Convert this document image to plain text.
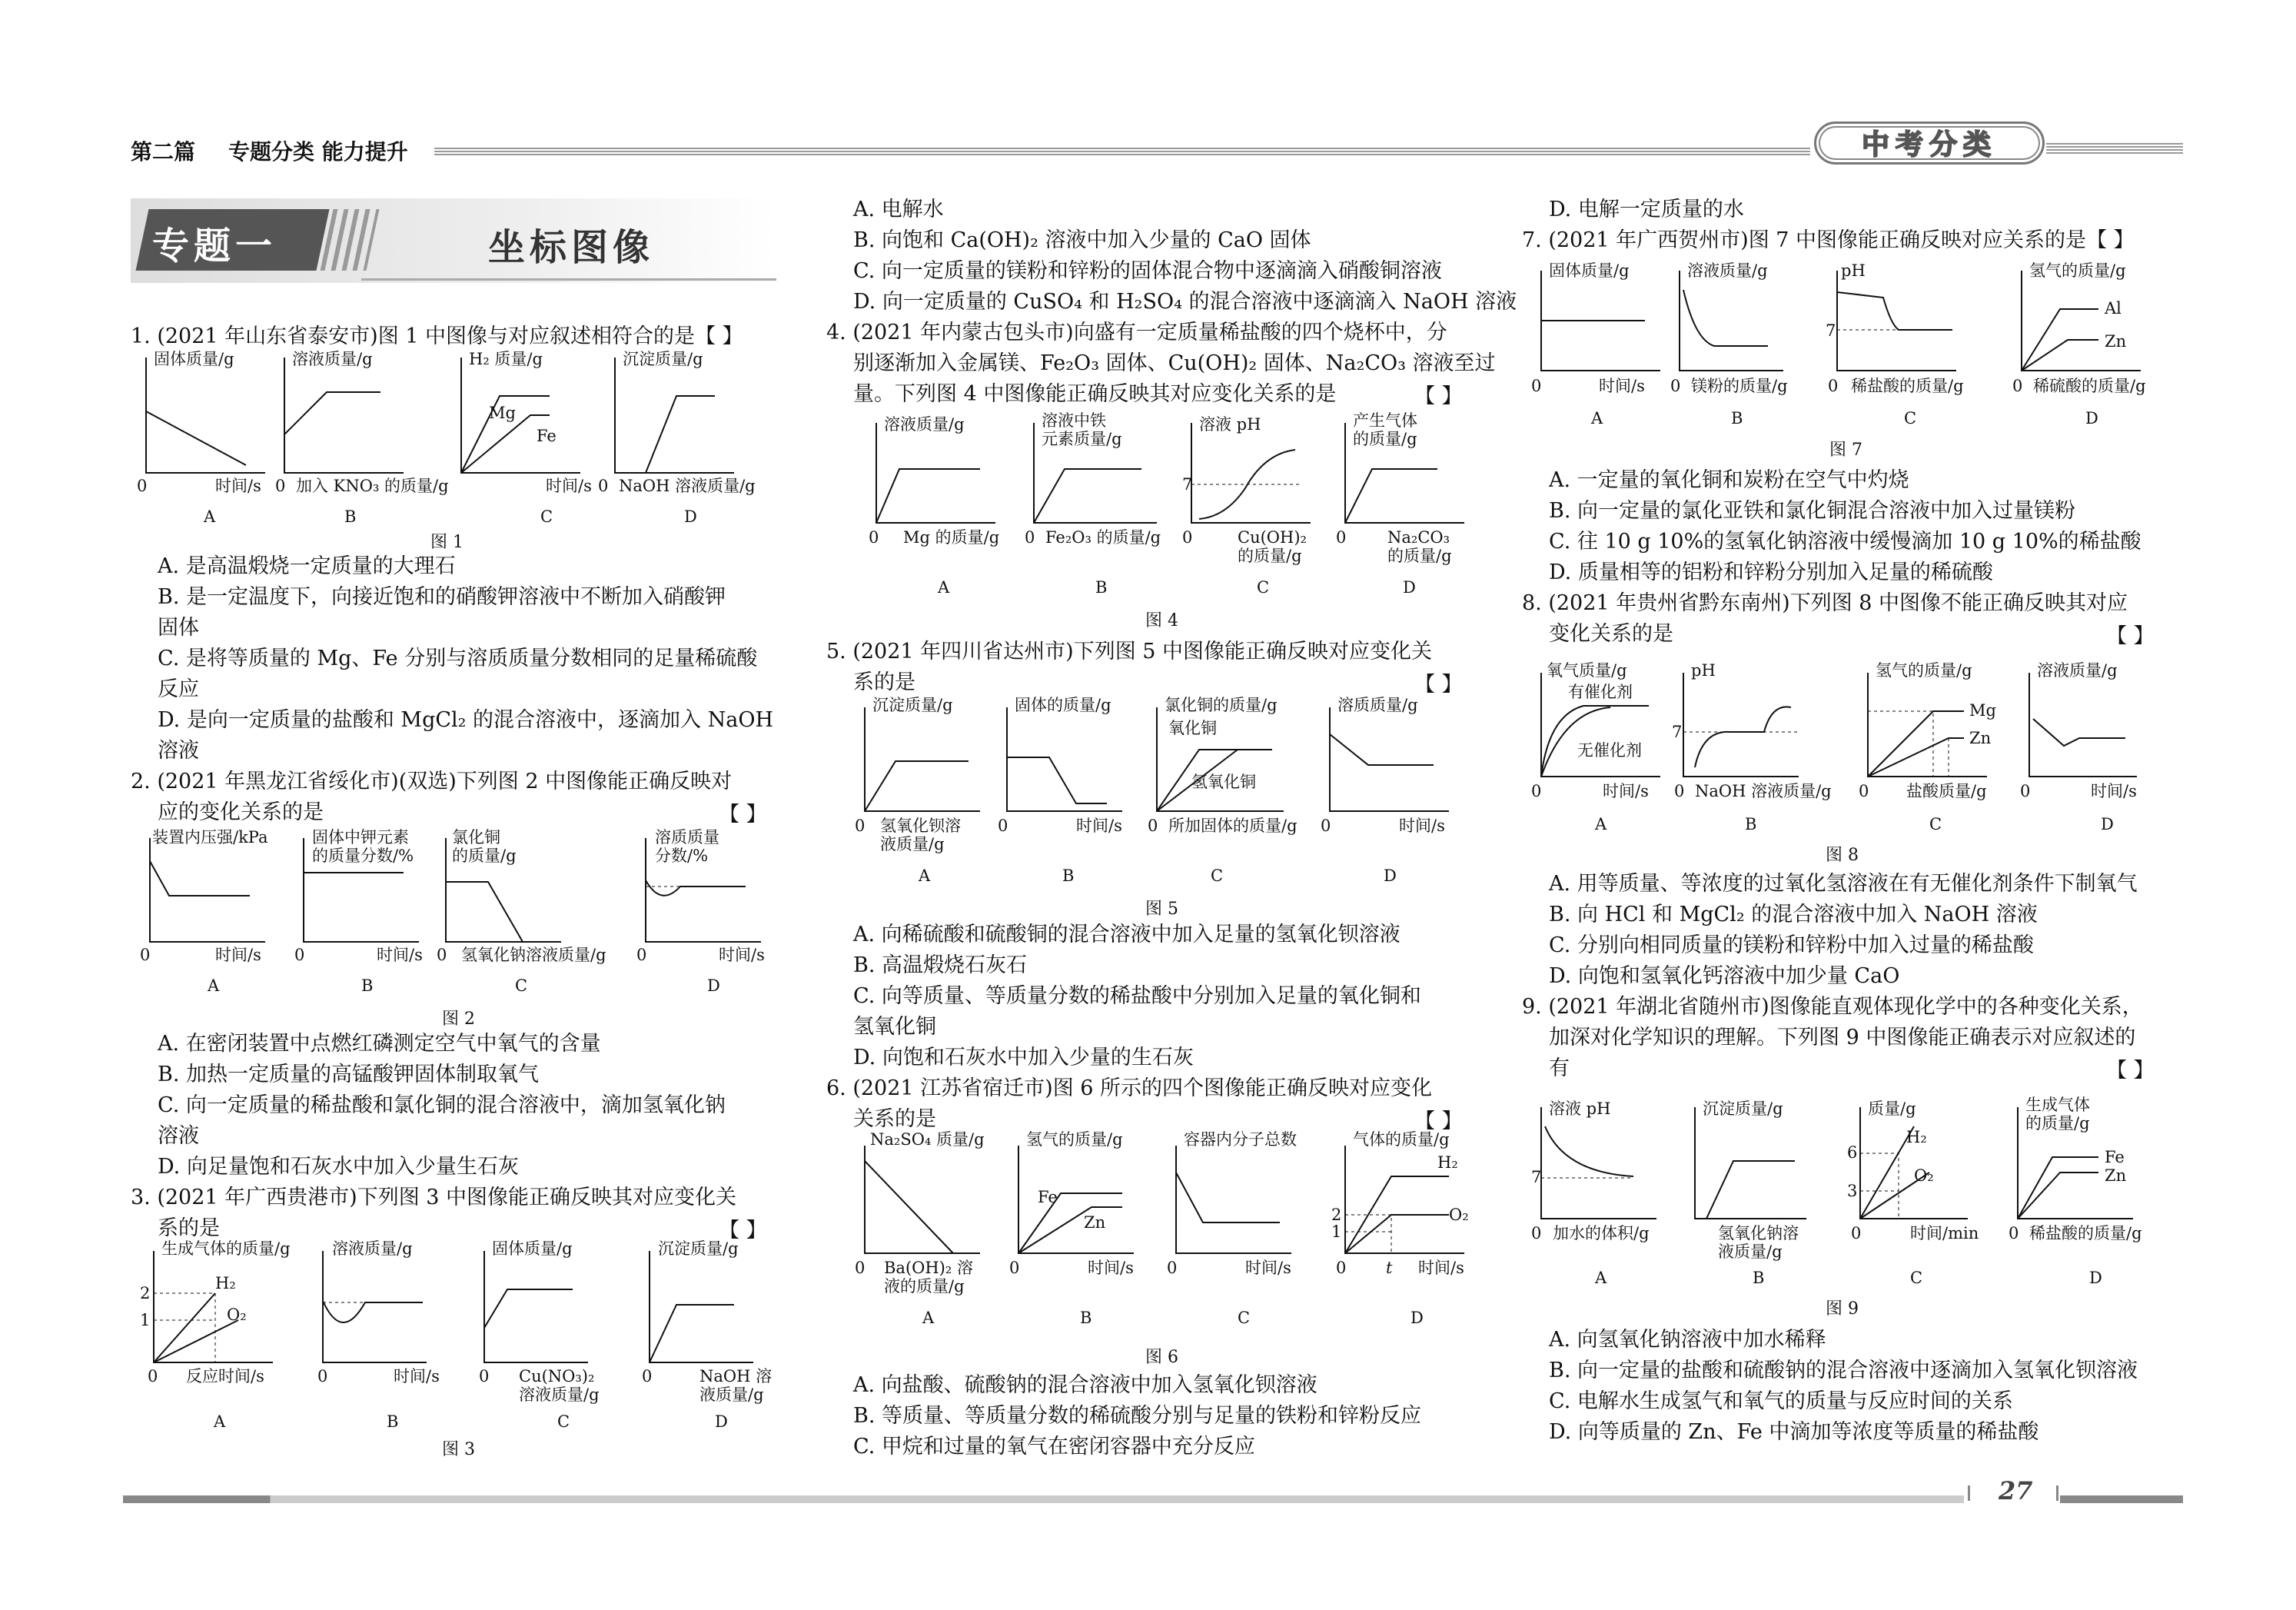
第二篇 专题分类 能力提升	中考分类
专题一	坐标图像
1. (2021 年山东省泰安市)图 1 中图像与对应叙述相符合的是【 】
固体质量/g
0	时间/s
溶液质量/g
0 加入 KNO₃ 的质量/g
H₂ 质量/g
Mg
Fe
时间/s
沉淀质量/g
0 NaOH 溶液质量/g
A	B	C	D
图 1
A. 是高温煅烧一定质量的大理石
B. 是一定温度下，向接近饱和的硝酸钾溶液中不断加入硝酸钾
固体
C. 是将等质量的 Mg、Fe 分别与溶质质量分数相同的足量稀硫酸
反应
D. 是向一定质量的盐酸和 MgCl₂ 的混合溶液中，逐滴加入 NaOH
溶液
2. (2021 年黑龙江省绥化市)(双选)下列图 2 中图像能正确反映对
应的变化关系的是	【 】
装置内压强/kPa
0	时间/s
固体中钾元素
的质量分数/%
0	时间/s
氯化铜
的质量/g
0 氢氧化钠溶液质量/g
溶质质量
分数/%
0	时间/s
A	B	C	D
图 2
A. 在密闭装置中点燃红磷测定空气中氧气的含量
B. 加热一定质量的高锰酸钾固体制取氧气
C. 向一定质量的稀盐酸和氯化铜的混合溶液中，滴加氢氧化钠
溶液
D. 向足量饱和石灰水中加入少量生石灰
3. (2021 年广西贵港市)下列图 3 中图像能正确反映其对应变化关
系的是	【 】
生成气体的质量/g
H₂
O₂
2
1
0 反应时间/s
溶液质量/g
0	时间/s
固体质量/g
0 Cu(NO₃)₂
溶液质量/g
沉淀质量/g
0	NaOH 溶
液质量/g
A	B	C	D
图 3
A. 电解水
B. 向饱和 Ca(OH)₂ 溶液中加入少量的 CaO 固体
C. 向一定质量的镁粉和锌粉的固体混合物中逐滴滴入硝酸铜溶液
D. 向一定质量的 CuSO₄ 和 H₂SO₄ 的混合溶液中逐滴滴入 NaOH 溶液
4. (2021 年内蒙古包头市)向盛有一定质量稀盐酸的四个烧杯中，分
别逐渐加入金属镁、Fe₂O₃ 固体、Cu(OH)₂ 固体、Na₂CO₃ 溶液至过
量。下列图 4 中图像能正确反映其对应变化关系的是	【 】
溶液质量/g
0 Mg 的质量/g
溶液中铁
元素质量/g
0 Fe₂O₃ 的质量/g
溶液 pH
7
0	Cu(OH)₂
的质量/g
产生气体
的质量/g
0	Na₂CO₃
的质量/g
A	B	C	D
图 4
5. (2021 年四川省达州市)下列图 5 中图像能正确反映对应变化关
系的是	【 】
沉淀质量/g
0 氢氧化钡溶
液质量/g
固体的质量/g
0	时间/s
氯化铜的质量/g
氧化铜
氢氧化铜
0 所加固体的质量/g
溶质质量/g
0	时间/s
A	B	C	D
图 5
A. 向稀硫酸和硫酸铜的混合溶液中加入足量的氢氧化钡溶液
B. 高温煅烧石灰石
C. 向等质量、等质量分数的稀盐酸中分别加入足量的氧化铜和
氢氧化铜
D. 向饱和石灰水中加入少量的生石灰
6. (2021 江苏省宿迁市)图 6 所示的四个图像能正确反映对应变化
关系的是	【 】
Na₂SO₄ 质量/g
0 Ba(OH)₂ 溶
液的质量/g
氢气的质量/g
Fe
Zn
0	时间/s
容器内分子总数
0	时间/s
气体的质量/g
H₂
O₂
2
1
0 t 时间/s
A	B	C	D
图 6
A. 向盐酸、硫酸钠的混合溶液中加入氢氧化钡溶液
B. 等质量、等质量分数的稀硫酸分别与足量的铁粉和锌粉反应
C. 甲烷和过量的氧气在密闭容器中充分反应
D. 电解一定质量的水
7. (2021 年广西贺州市)图 7 中图像能正确反映对应关系的是【 】
固体质量/g
0	时间/s
溶液质量/g
0 镁粉的质量/g
pH
7
0 稀盐酸的质量/g
氢气的质量/g
Al
Zn
0 稀硫酸的质量/g
A	B	C	D
图 7
A. 一定量的氧化铜和炭粉在空气中灼烧
B. 向一定量的氯化亚铁和氯化铜混合溶液中加入过量镁粉
C. 往 10 g 10%的氢氧化钠溶液中缓慢滴加 10 g 10%的稀盐酸
D. 质量相等的铝粉和锌粉分别加入足量的稀硫酸
8. (2021 年贵州省黔东南州)下列图 8 中图像不能正确反映其对应
变化关系的是	【 】
氧气质量/g
有催化剂
无催化剂
0	时间/s
pH
7
0 NaOH 溶液质量/g
氢气的质量/g
Mg
Zn
0 盐酸质量/g
溶液质量/g
0	时间/s
A	B	C	D
图 8
A. 用等质量、等浓度的过氧化氢溶液在有无催化剂条件下制氧气
B. 向 HCl 和 MgCl₂ 的混合溶液中加入 NaOH 溶液
C. 分别向相同质量的镁粉和锌粉中加入过量的稀盐酸
D. 向饱和氢氧化钙溶液中加少量 CaO
9. (2021 年湖北省随州市)图像能直观体现化学中的各种变化关系，
加深对化学知识的理解。下列图 9 中图像能正确表示对应叙述的
有	【 】
溶液 pH
7
0 加水的体积/g
沉淀质量/g
氢氧化钠溶
液质量/g
质量/g
6
3
H₂
O₂
0	时间/min
生成气体
的质量/g
Fe
Zn
0 稀盐酸的质量/g
A	B	C	D
图 9
A. 向氢氧化钠溶液中加水稀释
B. 向一定量的盐酸和硫酸钠的混合溶液中逐滴加入氢氧化钡溶液
C. 电解水生成氢气和氧气的质量与反应时间的关系
D. 向等质量的 Zn、Fe 中滴加等浓度等质量的稀盐酸
27
